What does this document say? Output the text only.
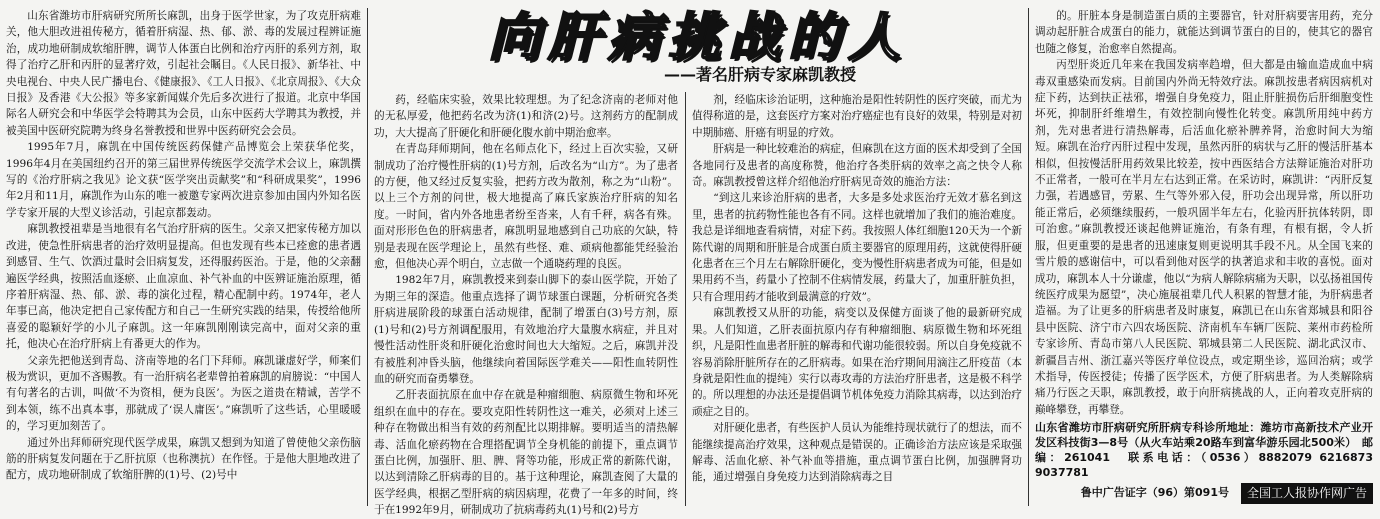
山东省潍坊市肝病研究所所长麻凯，出身于医学世家，为了攻克肝病难关，他大胆改进祖传秘方，循着肝病湿、热、郁、淤、毒的发展过程辨证施治，成功地研制成软缩肝脾，调节人体蛋白比例和治疗丙肝的系列方剂，取得了治疗乙肝和丙肝的显著疗效，引起社会瞩目。《人民日报》、新华社、中央电视台、中央人民广播电台、《健康报》、《工人日报》、《北京周报》、《大众日报》及香港《大公报》等多家新闻媒介先后多次进行了报道。北京中华国际名人研究会和中华医学会特聘其为会员，山东中医药大学聘其为教授，并被美国中医研究院聘为终身名誉教授和世界中医药研究会会员。

1995年7月，麻凯在中国传统医药保健产品博览会上荣获华佗奖，1996年4月在美国纽约召开的第三届世界传统医学交流学术会议上，麻凯撰写的《治疗肝病之我见》论文获“医学突出贡献奖”和“科研成果奖”，1996年2月和11月，麻凯作为山东的唯一被邀专家两次进京参加由国内外知名医学专家开展的大型义诊活动，引起京都轰动。

麻凯教授祖辈是当地很有名气治疗肝病的医生。父亲又把家传秘方加以改进，使急性肝病患者的治疗效明显提高。但也发现有些本已痊愈的患者遇到感冒、生气、饮酒过量时会旧病复发，还得服药医治。于是，他的父亲翻遍医学经典，按照活血逐瘀、止血凉血、补气补血的中医辨证施治原理，循序着肝病湿、热、郁、淤、毒的演化过程，精心配制中药。1974年，老人年事已高，他决定把自己家传配方和自己一生研究实践的结果，传授给他所喜爱的聪颖好学的小儿子麻凯。这一年麻凯刚刚读完高中，面对父亲的重托，他决心在治疗肝病上有番更大的作为。

父亲先把他送到青岛、济南等地的名门下拜师。麻凯谦虚好学，师案们极为赏识，更加不吝赐教。有一治肝病名老辈曾拍着麻凯的肩膀说：“中国人有句著名的古训，叫做‘不为资相，便为良医’。为医之道贵在精诚，苦学不到本领，练不出真本事，那就成了‘误人庸医’。”麻凯听了这些话，心里暖暖的，学习更加刻苦了。

通过外出拜师研究现代医学成果，麻凯又想到为知道了曾使他父亲伤脑筋的肝病复发问题在于乙肝抗原（也称澳抗）在作怪。于是他大胆地改进了配方，成功地研制成了软缩肝脾的(1)号、(2)号中

向肝病挑战的人
——著名肝病专家麻凯教授

药，经临床实验，效果比较理想。为了纪念济南的老师对他的无私厚爱，他把药名改为济(1)和济(2)号。这剂药方的配制成功，大大提高了肝硬化和肝硬化腹水前中期治愈率。

在青岛拜师期间，他在名师点化下，经过上百次实验，又研制成功了治疗慢性肝病的(1)号方剂，后改名为“山方”。为了患者的方便，他又经过反复实验，把药方改为散剂，称之为“山粉”。以上三个方剂的问世，极大地提高了麻氏家族治疗肝病的知名度。一时间，省内外各地患者纷至沓来，人有千秤，病各有殊。面对形形色色的肝病患者，麻凯明显地感到自己功底的欠缺，特别是表现在医学理论上，虽然有些怪、难、顽病他都能凭经验治愈，但他决心弄个明白，立志做一个通晓药理的良医。

1982年7月，麻凯教授来到泰山脚下的泰山医学院，开始了为期三年的深造。他重点选择了调节球蛋白课题，分析研究各类肝病进展阶段的球蛋白活动规律，配制了增蛋白(3)号方剂，原(1)号和(2)号方剂调配服用，有效地治疗大量腹水病症，并且对慢性活动性肝炎和肝硬化治愈时间也大大缩短。之后，麻凯并没有被胜利冲昏头脑，他继续向着国际医学难关——阳性血转阴性血的研究而奋勇攀登。

乙肝表面抗原在血中存在就是种瘤细胞、病原微生物和坏死组织在血中的存在。要攻克阳性转阴性这一难关，必须对上述三种存在物做出相当有效的药剂配比以期排解。要明适当的清热解毒、活血化瘀药物在合理搭配调节全身机能的前提下，重点调节蛋白比例，加强肝、胆、脾、肾等功能，形成正常的新陈代谢，以达到清除乙肝病毒的目的。基于这种理论，麻凯查阅了大量的医学经典，根据乙型肝病的病因病理，花费了一年多的时间，终于在1992年9月，研制成功了抗病毒药丸(1)号和(2)号方

剂，经临床诊治证明，这种施治是阳性转阴性的医疗突破，而尤为值得称道的是，这套医疗方案对治疗癌症也有良好的效果，特别是对初中期肺癌、肝癌有明显的疗效。

肝病是一种比较难治的病症，但麻凯在这方面的医术却受到了全国各地同行及患者的高度称赞，他治疗各类肝病的效率之高之快令人称奇。麻凯教授曾这样介绍他治疗肝病见奇效的施治方法：

“到这儿来诊治肝病的患者，大多是多处求医治疗无效才慕名到这里，患者的抗药物性能也各有不同。这样也就增加了我们的施治难度。我总是详细地查看病情，对症下药。我按照人体红细胞120天为一个新陈代谢的周期和肝脏是合成蛋白质主要器官的原理用药，这就使得肝硬化患者在三个月左右解除肝硬化，变为慢性肝病患者成为可能，但是如果用药不当，药量小了控制不住病情发展，药量大了，加重肝脏负担，只有合理用药才能收到最满意的疗效”。

麻凯教授又从肝的功能，病变以及保健方面谈了他的最新研究成果。人们知道，乙肝表面抗原内存有种瘤细胞、病原微生物和坏死组织，凡是阳性血患者肝脏的解毒和代谢功能很较弱。所以自身免疫就不容易消除肝脏所存在的乙肝病毒。如果在治疗期间用滴注乙肝疫苗（本身就是阳性血的提纯）实行以毒攻毒的方法治疗肝患者，这是极不科学的。所以理想的办法还是提倡调节机体免疫力消除其病毒，以达到治疗顽症之目的。

对肝硬化患者，有些医护人员认为能维持现状就行了的想法，而不能继续提高治疗效果，这种观点是错误的。正确诊治方法应该是采取强解毒、活血化瘀、补气补血等措施，重点调节蛋白比例，加强脾肾功能，通过增强自身免疫力达到消除病毒之目

的。肝脏本身是制造蛋白质的主要器官，针对肝病要害用药，充分调动起肝脏合成蛋白的能力，就能达到调节蛋白的目的，使其它的器官也随之修复，治愈率自然提高。

丙型肝炎近几年来在我国发病率趋增，但大都是由输血造成血中病毒双重感染而发病。目前国内外尚无特效疗法。麻凯按患者病因病机对症下药，达到扶正祛邪，增强自身免疫力，阻止肝脏损伤后肝细胞变性坏死，抑制肝纤维增生，有效控制向慢性化转变。麻凯所用纯中药方剂，先对患者进行清热解毒，后活血化瘀补脾养肾，治愈时间大为缩短。麻凯在治疗丙肝过程中发现，虽然丙肝的病状与乙肝的慢活肝基本相似，但按慢活肝用药效果比较差，按中西医结合方法辩证施治对肝功不正常者，一般可在半月左右达到正常。在采访时，麻凯讲：“丙肝反复力强，若遇感冒，劳累、生气等外邪入侵，肝功会出现异常，所以肝功能正常后，必须继续服药，一般巩固半年左右，化验丙肝抗体转阴，即可治愈。”麻凯教授还谈起他辨证施治，有条有理，有根有据，令人折服，但更重要的是患者的迅速康复则更说明其手段不凡。从全国飞来的雪片般的感谢信中，可以看到他对医学的执著追求和丰收的喜悦。面对成功，麻凯本人十分谦虚，他以“为病人解除病痛为天职，以弘扬祖国传统医疗成果为愿望”，决心施展祖辈几代人积累的智慧才能，为肝病患者造福。为了让更多的肝病患者及时康复，麻凯已在山东省郑城县和阳谷县中医院、济宁市六四农场医院、济南机车车辆厂医院、莱州市药检所专家诊所、青岛市第八人民医院、郓城县第二人民医院、湖北武汉市、新疆昌吉州、浙江嘉兴等医疗单位设点，或定期坐诊，巡回治病；或学术指导，传医授徒；传播了医学医术，方便了肝病患者。为人类解除病痛乃行医之天职，麻凯教授，敢于向肝病挑战的人，正向着攻克肝病的巅峰攀登，再攀登。

山东省潍坊市肝病研究所肝病专科诊所地址：潍坊市高新技术产业开发区科技街3—8号（从火车站乘20路车到富华游乐园北500米）　邮编：261041　联系电话：（0536）8882079 6216873 9037781
鲁中广告证字（96）第091号	全国工人报协作网广告
